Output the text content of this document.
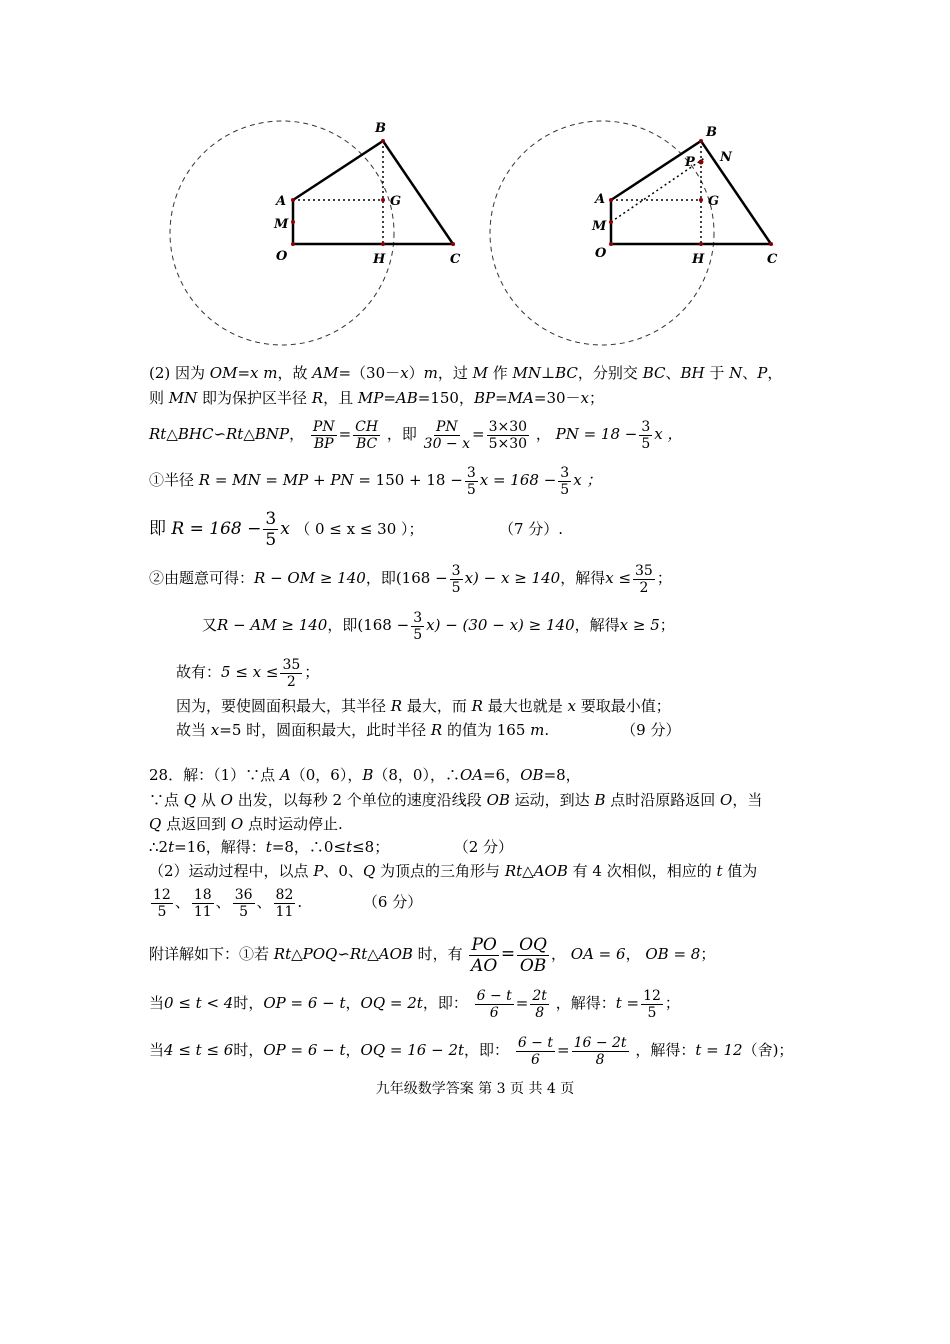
B
A
M
O
G
H	C
B
P N
A
M
O
G
H	C
(2) 因为 OM=x m，故 AM=（30－x）m，过 M 作 MN⊥BC，分别交 BC、BH 于 N、P，
则 MN 即为保护区半径 R，且 MP=AB=150，BP=MA=30－x；
Rt△BHC∽Rt△BNP， $\frac{PN}{BP} = \frac{CH}{BC}$ ，即 $\frac{PN}{30 - x} = \frac{3\times 30}{5\times 30}$ ， PN = $18 - \frac{3}{5}$ x ，
①半径 R = MN = MP + PN = $150 + 18 - \frac{3}{5}$ $x = 168 - \frac{3}{5}$ x ；
即 $R = 168 - \frac{3}{5}$ x （ 0 ≤ x ≤ 30 ）；	（7 分）.
②由题意可得：R − OM ≥ 140，即$(168 - \frac{3}{5} x) - x \ge 140$，解得$x \le \frac{35}{2}$ ；
又R − AM ≥ 140，即$(168 - \frac{3}{5} x) - (30 - x) \ge 140$，解得x ≥ 5；
故有：$5 \le x \le \frac{35}{2}$ ；
因为，要使圆面积最大，其半径 R 最大，而 R 最大也就是 x 要取最小值；
故当 x=5 时，圆面积最大，此时半径 R 的值为 165 m.	（9 分）
28．解：（1）∵点 A（0，6），B（8，0），∴OA=6，OB=8，
∵点 Q 从 O 出发，以每秒 2 个单位的速度沿线段 OB 运动，到达 B 点时沿原路返回 O，当
Q 点返回到 O 点时运动停止.
∴2t=16，解得：t=8，∴0≤t≤8；	（2 分）
（2）运动过程中，以点 P、0、Q 为顶点的三角形与 Rt△AOB 有 4 次相似，相应的 t 值为
$\frac{12}{5}$ 、 $\frac{18}{11}$ 、 $\frac{36}{5}$ 、 $\frac{82}{11}$ .	（6 分）
附详解如下：①若 Rt△POQ∽Rt△AOB 时，有 $\frac{PO}{AO} = \frac{OQ}{OB}$ ， OA = 6， OB = 8；
当0 ≤ t < 4时，OP = 6 − t，OQ = 2t，即： $\frac{6 - t}{6} = \frac{2t}{8}$ ，解得：$t = \frac{12}{5}$ ；
当4 ≤ t ≤ 6时，OP = 6 − t，OQ = 16 − 2t，即： $\frac{6 - t}{6} = \frac{16 - 2t}{8}$ ，解得：t = 12（舍)；
九年级数学答案 第 3 页 共 4 页
